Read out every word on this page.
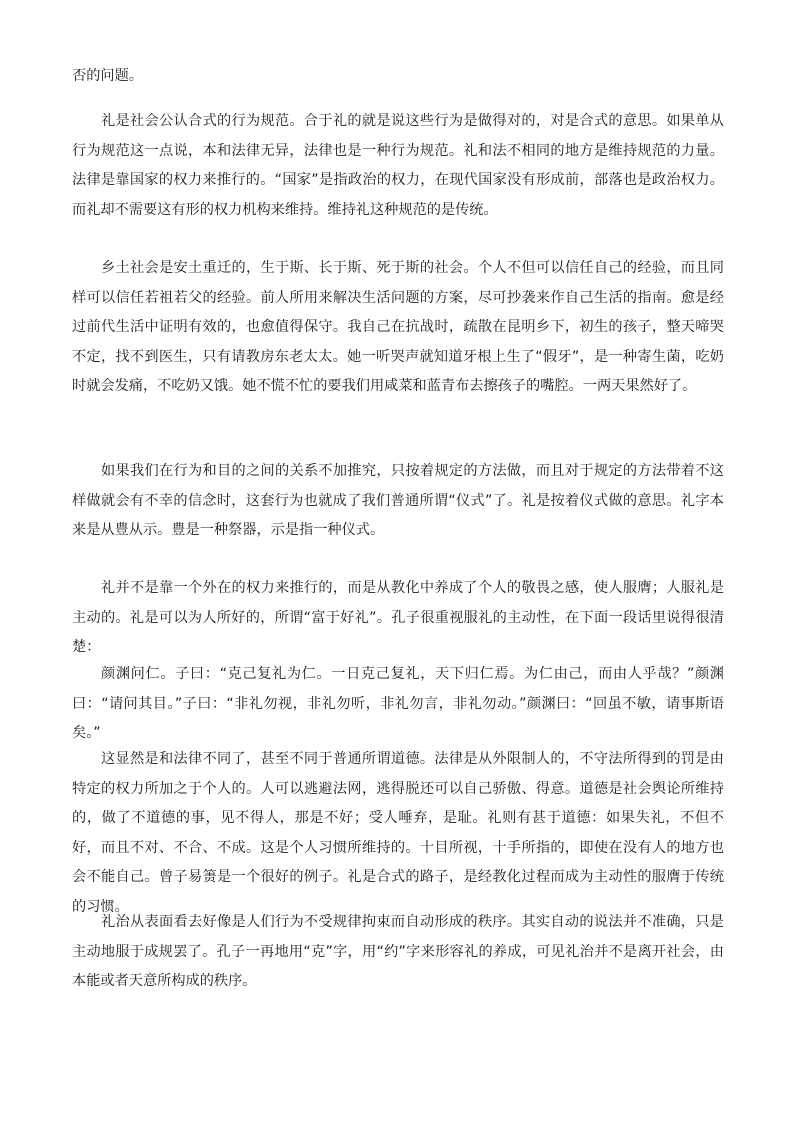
否的问题。

礼是社会公认合式的行为规范。合于礼的就是说这些行为是做得对的，对是合式的意思。如果单从行为规范这一点说，本和法律无异，法律也是一种行为规范。礼和法不相同的地方是维持规范的力量。法律是靠国家的权力来推行的。“国家”是指政治的权力，在现代国家没有形成前，部落也是政治权力。而礼却不需要这有形的权力机构来维持。维持礼这种规范的是传统。

乡土社会是安土重迁的，生于斯、长于斯、死于斯的社会。个人不但可以信任自己的经验，而且同样可以信任若祖若父的经验。前人所用来解决生活问题的方案，尽可抄袭来作自己生活的指南。愈是经过前代生活中证明有效的，也愈值得保守。我自己在抗战时，疏散在昆明乡下，初生的孩子，整天啼哭不定，找不到医生，只有请教房东老太太。她一听哭声就知道牙根上生了“假牙”，是一种寄生菌，吃奶时就会发痛，不吃奶又饿。她不慌不忙的要我们用咸菜和蓝青布去擦孩子的嘴腔。一两天果然好了。

如果我们在行为和目的之间的关系不加推究，只按着规定的方法做，而且对于规定的方法带着不这样做就会有不幸的信念时，这套行为也就成了我们普通所谓“仪式”了。礼是按着仪式做的意思。礼字本来是从豊从示。豊是一种祭器，示是指一种仪式。

礼并不是靠一个外在的权力来推行的，而是从教化中养成了个人的敬畏之感，使人服膺；人服礼是主动的。礼是可以为人所好的，所谓“富于好礼”。孔子很重视服礼的主动性，在下面一段话里说得很清楚：

颜渊问仁。子曰：“克己复礼为仁。一日克己复礼，天下归仁焉。为仁由己，而由人乎哉？”颜渊曰：“请问其目。”子曰：“非礼勿视，非礼勿听，非礼勿言，非礼勿动。”颜渊曰：“回虽不敏，请事斯语矣。”

这显然是和法律不同了，甚至不同于普通所谓道德。法律是从外限制人的，不守法所得到的罚是由特定的权力所加之于个人的。人可以逃避法网，逃得脱还可以自己骄傲、得意。道德是社会舆论所维持的，做了不道德的事，见不得人，那是不好；受人唾弃，是耻。礼则有甚于道德：如果失礼，不但不好，而且不对、不合、不成。这是个人习惯所维持的。十目所视，十手所指的，即使在没有人的地方也会不能自己。曾子易箦是一个很好的例子。礼是合式的路子，是经教化过程而成为主动性的服膺于传统的习惯。

礼治从表面看去好像是人们行为不受规律拘束而自动形成的秩序。其实自动的说法并不准确，只是主动地服于成规罢了。孔子一再地用“克”字，用“约”字来形容礼的养成，可见礼治并不是离开社会，由本能或者天意所构成的秩序。
